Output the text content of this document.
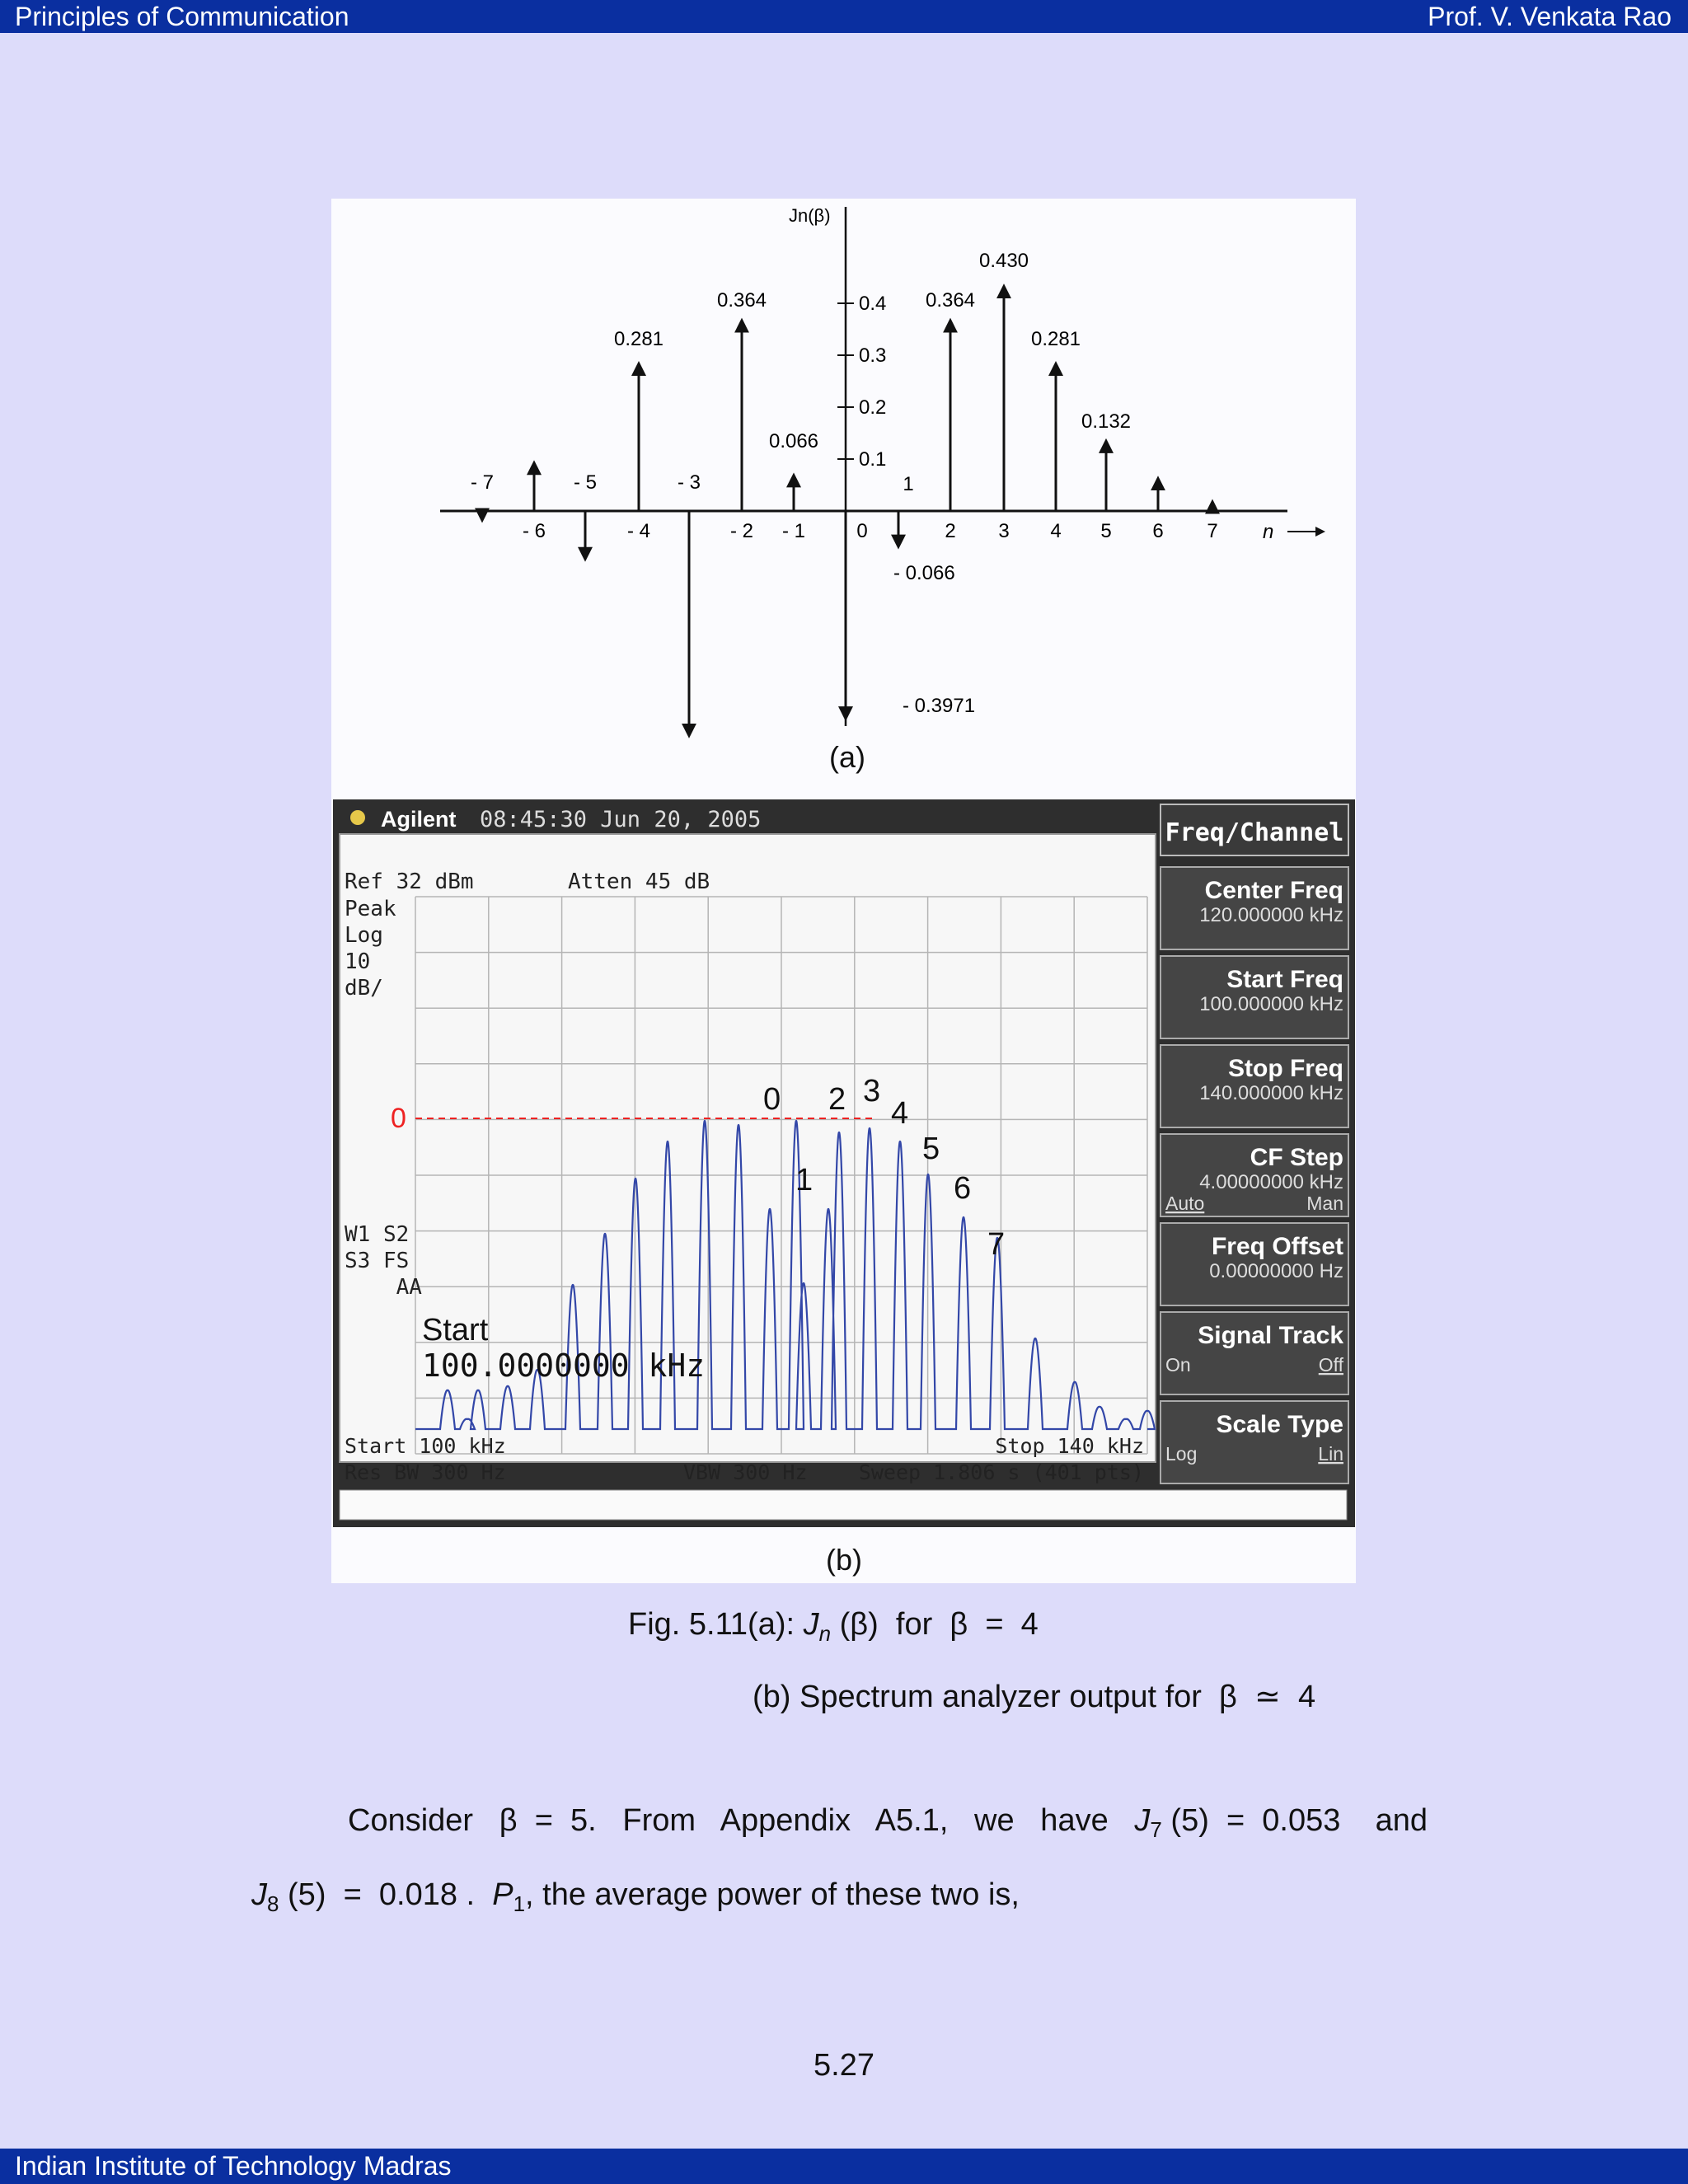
Principles of Communication	Prof. V. Venkata Rao
Jn(β)
n
0.1
0.2
0.3
0.4
- 7
- 6
- 5
- 4
- 3
- 2 - 1	0
1
2 3 4 5 6 7
0.281
0.364
0.066
0.364
0.430
0.281
0.132
- 0.066
- 0.3971
(a)
Agilent 08:45:30 Jun 20, 2005
Ref 32 dBm	Atten 45 dB
Peak
Log
10
dB/
W1 S2
S3 FS
AA
0
0
1
2 3
4
5
6
7
Start
100.0000000 kHz
Start 100 kHz	Stop 140 kHz
Res BW 300 Hz	VBW 300 Hz Sweep 1.806 s (401 pts)
Freq/Channel
Center Freq
120.000000 kHz
Start Freq
100.000000 kHz
Stop Freq
140.000000 kHz
CF Step
4.00000000 kHz
Auto	Man
Freq Offset
0.00000000 Hz
Signal Track
On	Off
Scale Type
Log	Lin
(b)
Fig. 5.11(a): $J_n$ (β)  for  β  =  4
(b) Spectrum analyzer output for  β  ≃  4
Consider   β  =  5.   From   Appendix   A5.1,   we   have   $J_7$ (5)  =  0.053    and
$J_8$ (5)  =  0.018 .  $P_1$, the average power of these two is,
5.27
Indian Institute of Technology Madras
